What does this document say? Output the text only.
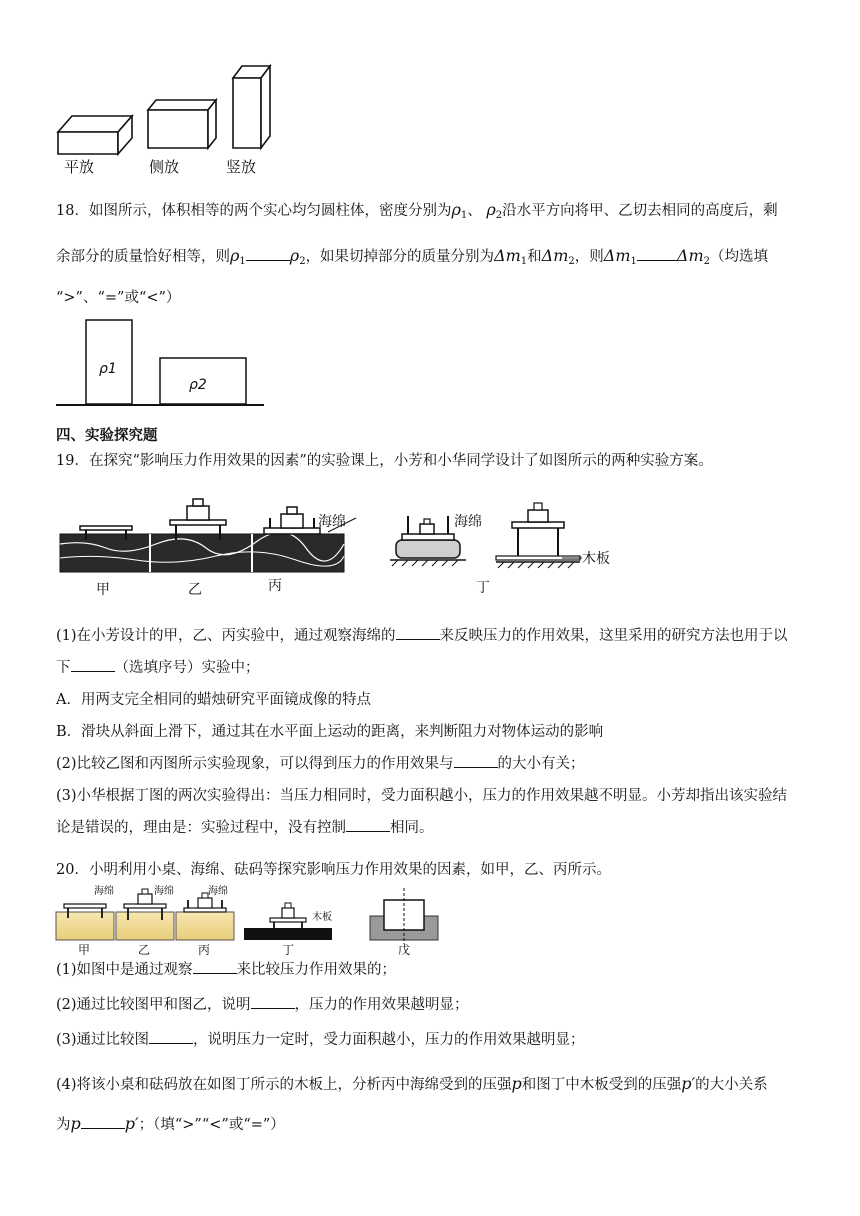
平放	侧放	竖放
18．如图所示，体积相等的两个实心均匀圆柱体，密度分别为$\rho_1$、 $\rho_2$沿水平方向将甲、乙切去相同的高度后，剩
余部分的质量恰好相等，则$\rho_1$	$\rho_2$，如果切掉部分的质量分别为$\Delta m_1$和$\Delta m_2$，则$\Delta m_1$	$\Delta m_2$（均选填
“>”、“=”或“<”）
ρ1
ρ2
四、实验探究题
19．在探究“影响压力作用效果的因素”的实验课上，小芳和小华同学设计了如图所示的两种实验方案。
海绵
甲	乙	丙
海绵
木板
丁
(1)在小芳设计的甲，乙、丙实验中，通过观察海绵的	来反映压力的作用效果，这里采用的研究方法也用于以
下	（选填序号）实验中；
A．用两支完全相同的蜡烛研究平面镜成像的特点
B．滑块从斜面上滑下，通过其在水平面上运动的距离，来判断阻力对物体运动的影响
(2)比较乙图和丙图所示实验现象，可以得到压力的作用效果与	的大小有关；
(3)小华根据丁图的两次实验得出：当压力相同时，受力面积越小，压力的作用效果越不明显。小芳却指出该实验结
论是错误的，理由是：实验过程中，没有控制	相同。
20．小明利用小桌、海绵、砝码等探究影响压力作用效果的因素，如甲，乙、丙所示。
海绵
甲
海绵
乙
海绵
丙
木板
丁	戊
(1)如图中是通过观察	来比较压力作用效果的；
(2)通过比较图甲和图乙，说明	，压力的作用效果越明显；
(3)通过比较图	，说明压力一定时，受力面积越小，压力的作用效果越明显；
(4)将该小桌和砝码放在如图丁所示的木板上，分析丙中海绵受到的压强p和图丁中木板受到的压强p′的大小关系
为p	p′；（填“>”“<”或“=”）
